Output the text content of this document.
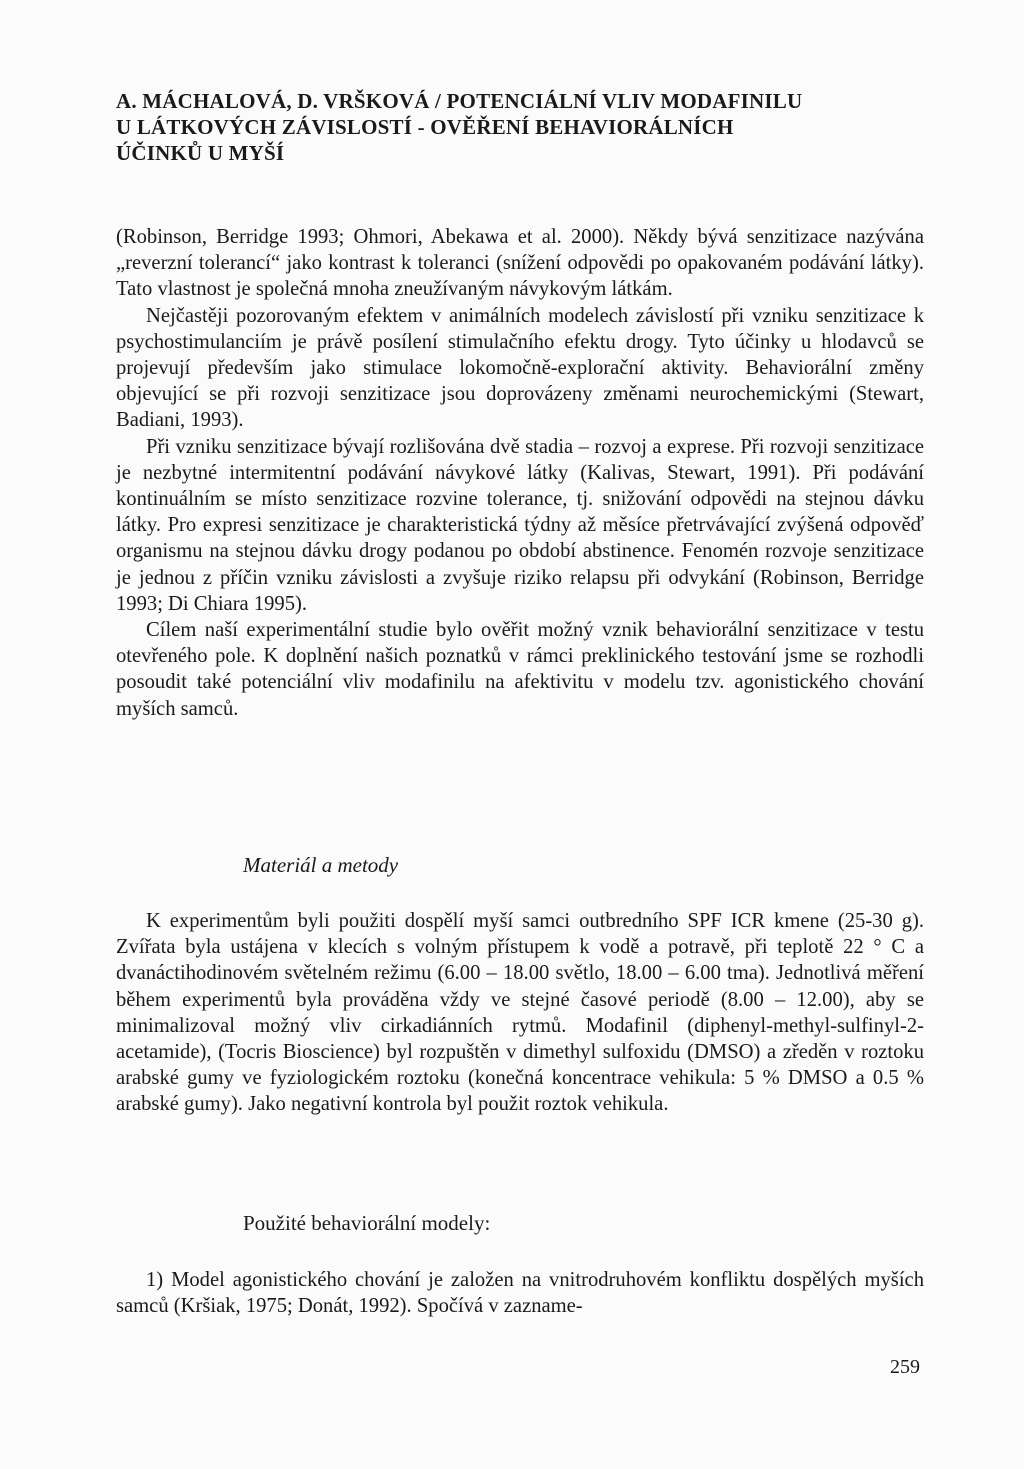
A. MÁCHALOVÁ, D. VRŠKOVÁ / POTENCIÁLNÍ VLIV MODAFINILU
U LÁTKOVÝCH ZÁVISLOSTÍ - OVĚŘENÍ BEHAVIORÁLNÍCH
ÚČINKŮ U MYŠÍ

(Robinson, Berridge 1993; Ohmori, Abekawa et al. 2000). Někdy bývá senzitizace nazývána „reverzní tolerancí“ jako kontrast k toleranci (snížení odpovědi po opakovaném podávání látky). Tato vlastnost je společná mnoha zneužívaným návykovým látkám.

Nejčastěji pozorovaným efektem v animálních modelech závislostí při vzniku senzitizace k psychostimulanciím je právě posílení stimulačního efektu drogy. Tyto účinky u hlodavců se projevují především jako stimulace lokomočně-explorační aktivity. Behaviorální změny objevující se při rozvoji senzitizace jsou doprovázeny změnami neurochemickými (Stewart, Badiani, 1993).

Při vzniku senzitizace bývají rozlišována dvě stadia – rozvoj a exprese. Při rozvoji senzitizace je nezbytné intermitentní podávání návykové látky (Kalivas, Stewart, 1991). Při podávání kontinuálním se místo senzitizace rozvine tolerance, tj. snižování odpovědi na stejnou dávku látky. Pro expresi senzitizace je charakteristická týdny až měsíce přetrvávající zvýšená odpověď organismu na stejnou dávku drogy podanou po období abstinence. Fenomén rozvoje senzitizace je jednou z příčin vzniku závislosti a zvyšuje riziko relapsu při odvykání (Robinson, Berridge 1993; Di Chiara 1995).

Cílem naší experimentální studie bylo ověřit možný vznik behaviorální senzitizace v testu otevřeného pole. K doplnění našich poznatků v rámci preklinického testování jsme se rozhodli posoudit také potenciální vliv modafinilu na afektivitu v modelu tzv. agonistického chování myších samců.

Materiál a metody

K experimentům byli použiti dospělí myší samci outbredního SPF ICR kmene (25-30 g). Zvířata byla ustájena v klecích s volným přístupem k vodě a potravě, při teplotě 22 ° C a dvanáctihodinovém světelném režimu (6.00 – 18.00 světlo, 18.00 – 6.00 tma). Jednotlivá měření během experimentů byla prováděna vždy ve stejné časové periodě (8.00 – 12.00), aby se minimalizoval možný vliv cirkadiánních rytmů. Modafinil (diphenyl-methyl-sulfinyl-2-acetamide), (Tocris Bioscience) byl rozpuštěn v dimethyl sulfoxidu (DMSO) a zředěn v roztoku arabské gumy ve fyziologickém roztoku (konečná koncentrace vehikula: 5 % DMSO a 0.5 % arabské gumy). Jako negativní kontrola byl použit roztok vehikula.

Použité behaviorální modely:

1) Model agonistického chování je založen na vnitrodruhovém konfliktu dospělých myších samců (Kršiak, 1975; Donát, 1992). Spočívá v zazname-

259
